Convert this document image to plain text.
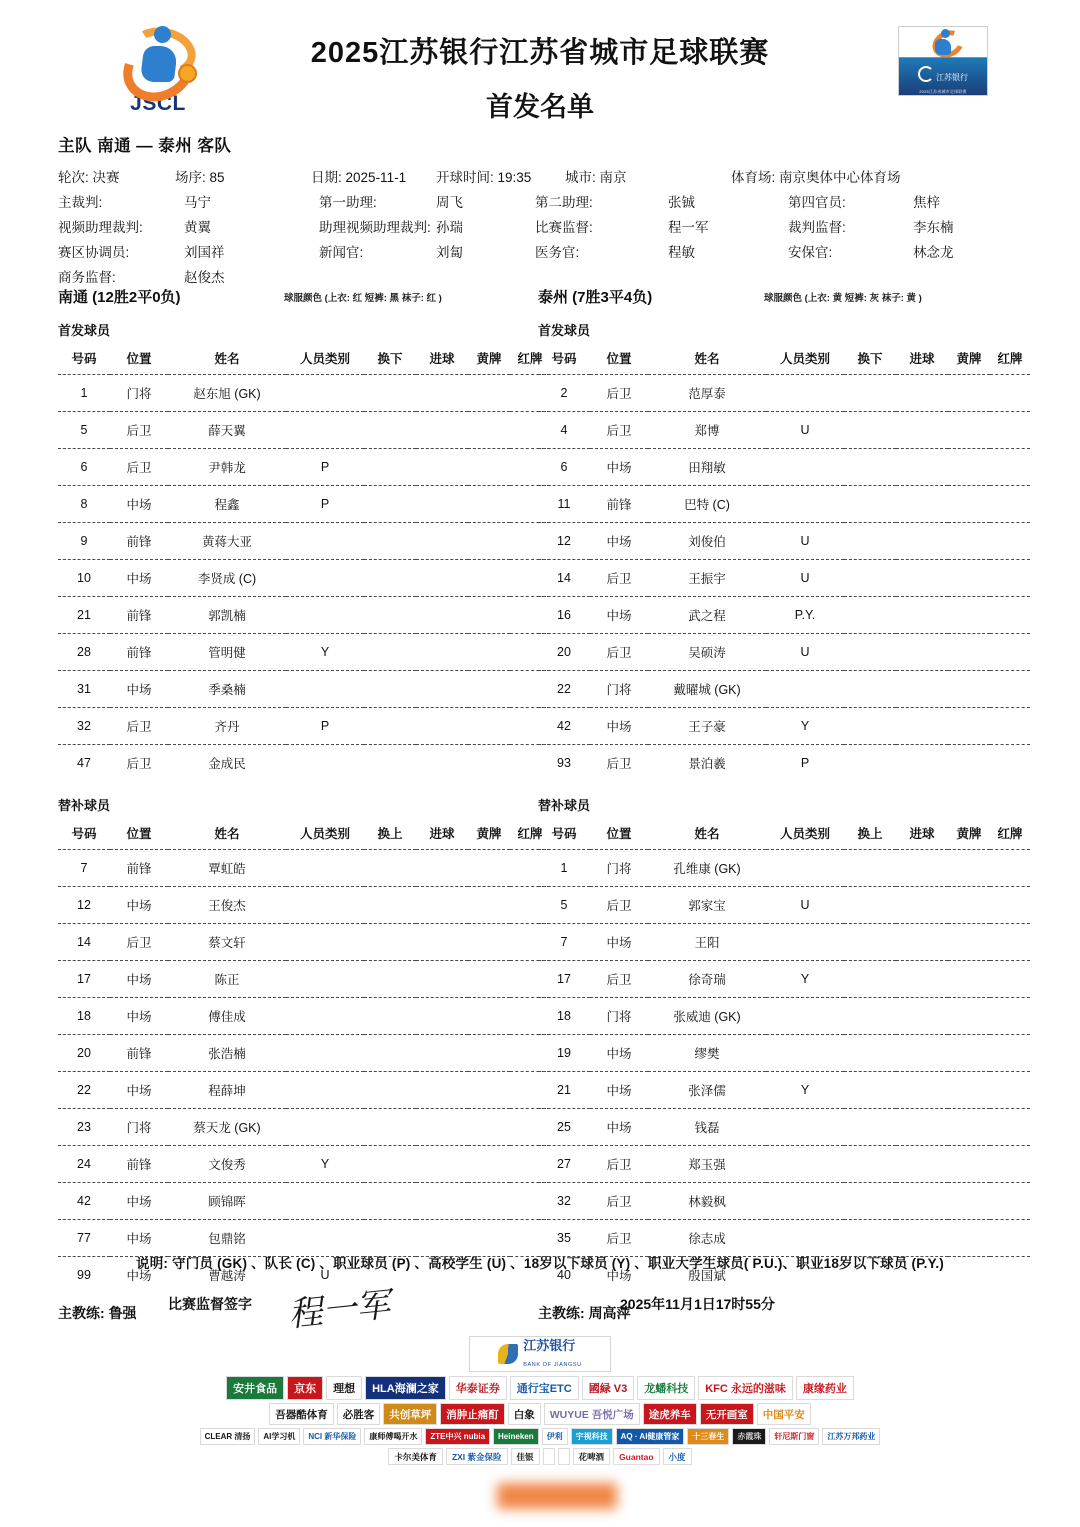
JSCL
2025江苏银行江苏省城市足球联赛
首发名单
江苏银行
2025江苏省城市足球联赛
主队 南通 — 泰州 客队
轮次: 决赛	场序: 85	日期: 2025-11-1 开球时间: 19:35 城市: 南京	体育场: 南京奥体中心体育场
主裁判:	马宁	第一助理:	周飞	第二助理:	张铖	第四官员:	焦梓
视频助理裁判:	黄翼	助理视频助理裁判: 孙瑞	比赛监督:	程一军	裁判监督:	李东楠
赛区协调员:	刘国祥	新闻官:	刘匐	医务官:	程敏	安保官:	林念龙
商务监督:	赵俊杰
南通 (12胜2平0负)	球服颜色 (上衣: 红 短裤: 黑 袜子: 红 )
首发球员
号码	位置	姓名	人员类别	换下	进球	黄牌	红牌
1	门将	赵东旭 (GK)					
5	后卫	薛天翼					
6	后卫	尹韩龙	P				
8	中场	程鑫	P				
9	前锋	黄蒋大亚					
10	中场	李贤成 (C)					
21	前锋	郭凯楠					
28	前锋	管明健	Y				
31	中场	季桑楠					
32	后卫	齐丹	P				
47	后卫	金成民					
替补球员
号码	位置	姓名	人员类别	换上	进球	黄牌	红牌
7	前锋	覃虹皓					
12	中场	王俊杰					
14	后卫	蔡文轩					
17	中场	陈正					
18	中场	傅佳成					
20	前锋	张浩楠					
22	中场	程薛坤					
23	门将	蔡天龙 (GK)					
24	前锋	文俊秀	Y				
42	中场	顾锦晖					
77	中场	包鼎铭					
99	中场	曹越涛	U				
主教练: 鲁强
泰州 (7胜3平4负)	球服颜色 (上衣: 黄 短裤: 灰 袜子: 黄 )
首发球员
号码	位置	姓名	人员类别	换下	进球	黄牌	红牌
2	后卫	范厚泰					
4	后卫	郑博	U				
6	中场	田翔敏					
11	前锋	巴特 (C)					
12	中场	刘俊伯	U				
14	后卫	王振宇	U				
16	中场	武之程	P.Y.				
20	后卫	吴硕涛	U				
22	门将	戴曜城 (GK)					
42	中场	王子豪	Y				
93	后卫	景泊羲	P				
替补球员
号码	位置	姓名	人员类别	换上	进球	黄牌	红牌
1	门将	孔维康 (GK)					
5	后卫	郭家宝	U				
7	中场	王阳					
17	后卫	徐奇瑞	Y				
18	门将	张威迪 (GK)					
19	中场	缪樊					
21	中场	张泽儒	Y				
25	中场	钱磊					
27	后卫	郑玉强					
32	后卫	林毅枫					
35	后卫	徐志成					
40	中场	殷国斌					
主教练: 周高萍
说明: 守门员 (GK) 、队长 (C) 、职业球员 (P) 、高校学生 (U) 、18岁以下球员 (Y) 、职业大学生球员( P.U.)、职业18岁以下球员 (P.Y.)
比赛监督签字 程一军	2025年11月1日17时55分
江苏银行
BANK OF JIANGSU
安井食品	京东	理想	HLA海澜之家	华泰证券	通行宝ETC	國緑 V3	龙蟠科技	KFC 永远的滋味	康缘药业
吾器酷体育	必胜客	共创草坪	消肿止痛酊	白象	WUYUE 吾悦广场	途虎养车	无开画室	中国平安
CLEAR 清扬	AI学习机	NCI 新华保险	康师傅喝开水	ZTE中兴 nubia	Heineken	伊利	宇视科技	AQ · AI健康管家	十三春生	赤霞珠	轩尼斯门窗	江苏万邦药业
卡尔美体育	ZXI 紫金保险	佳银	花啤酒	Guantao	小度
